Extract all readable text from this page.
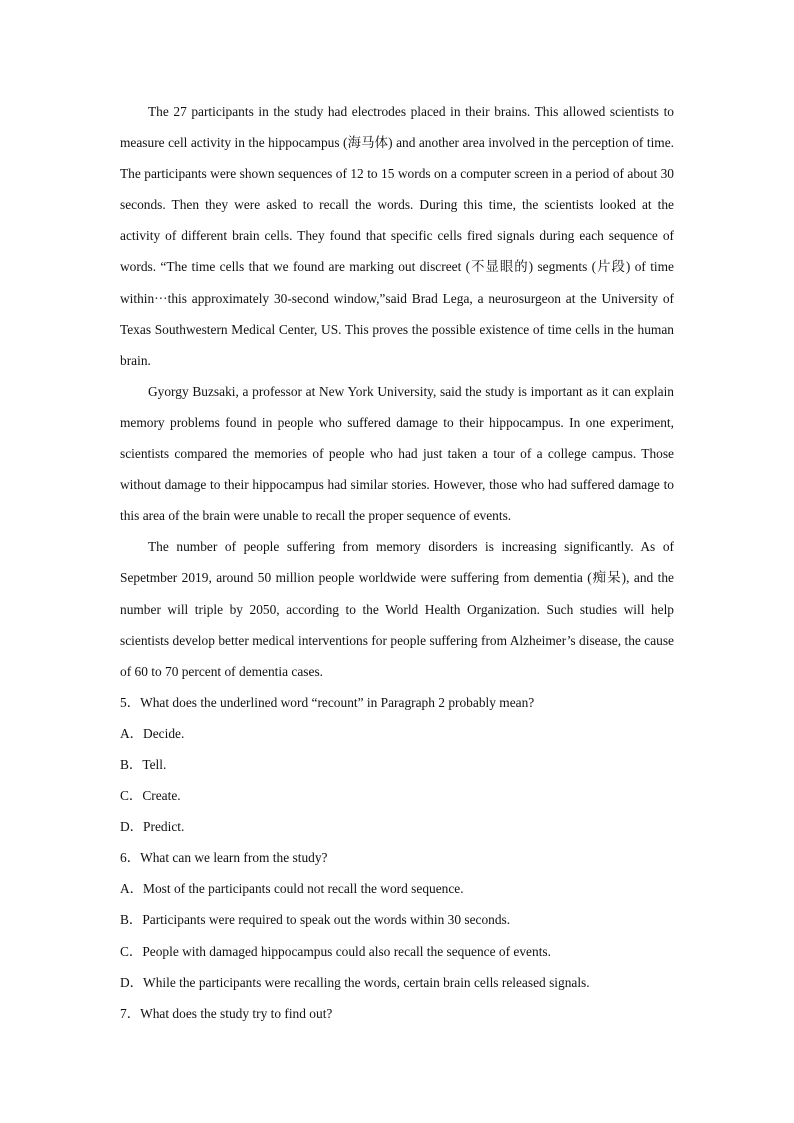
The 27 participants in the study had electrodes placed in their brains. This allowed scientists to measure cell activity in the hippocampus (海马体) and another area involved in the perception of time. The participants were shown sequences of 12 to 15 words on a computer screen in a period of about 30 seconds. Then they were asked to recall the words. During this time, the scientists looked at the activity of different brain cells. They found that specific cells fired signals during each sequence of words. “The time cells that we found are marking out discreet (不显眼的) segments (片段) of time within···this approximately 30-second window,”said Brad Lega, a neurosurgeon at the University of Texas Southwestern Medical Center, US. This proves the possible existence of time cells in the human brain.

Gyorgy Buzsaki, a professor at New York University, said the study is important as it can explain memory problems found in people who suffered damage to their hippocampus. In one experiment, scientists compared the memories of people who had just taken a tour of a college campus. Those without damage to their hippocampus had similar stories. However, those who had suffered damage to this area of the brain were unable to recall the proper sequence of events.

The number of people suffering from memory disorders is increasing significantly. As of Sepetmber 2019, around 50 million people worldwide were suffering from dementia (痴呆), and the number will triple by 2050, according to the World Health Organization. Such studies will help scientists develop better medical interventions for people suffering from Alzheimer’s disease, the cause of 60 to 70 percent of dementia cases.

5．What does the underlined word “recount” in Paragraph 2 probably mean?

A．Decide.

B．Tell.

C．Create.

D．Predict.

6．What can we learn from the study?

A．Most of the participants could not recall the word sequence.

B．Participants were required to speak out the words within 30 seconds.

C．People with damaged hippocampus could also recall the sequence of events.

D．While the participants were recalling the words, certain brain cells released signals.

7．What does the study try to find out?
